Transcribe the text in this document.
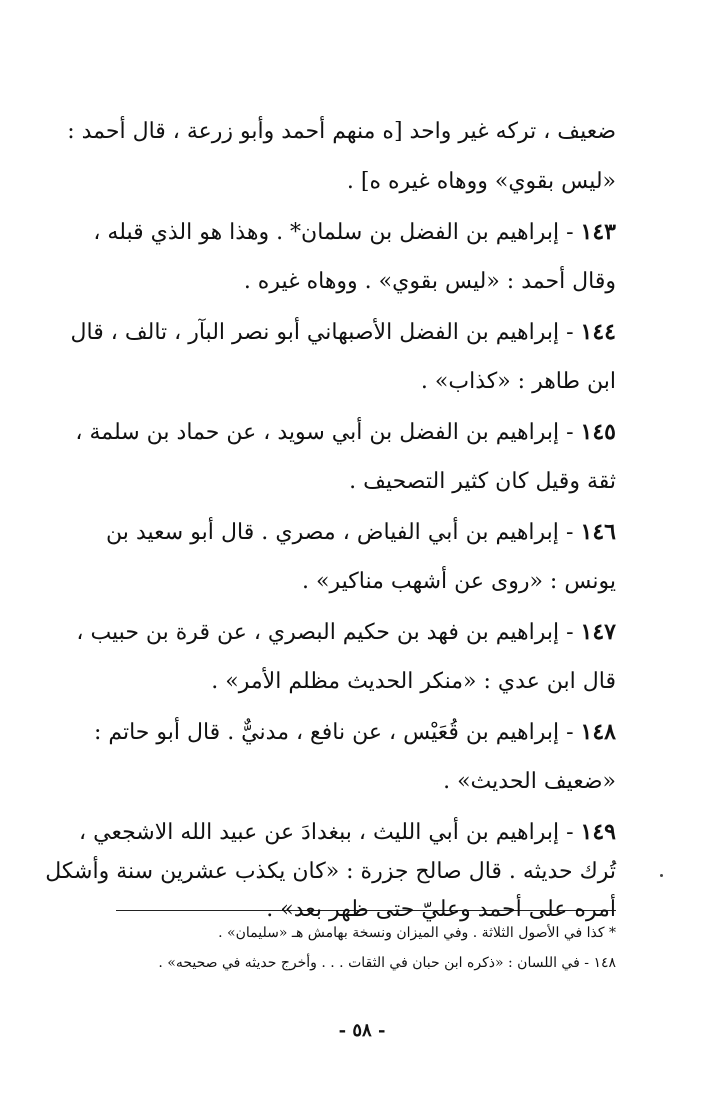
ضعيف ، تركه غير واحد [ه منهم أحمد وأبو زرعة ، قال أحمد :
«ليس بقوي» ووهاه غيره ه] .
١٤٣ - إبراهيم بن الفضل بن سلمان* . وهذا هو الذي قبله ،
وقال أحمد : «ليس بقوي» . ووهاه غيره .
١٤٤ - إبراهيم بن الفضل الأصبهاني أبو نصر البآر ، تالف ، قال
ابن طاهر : «كذاب» .
١٤٥ - إبراهيم بن الفضل بن أبي سويد ، عن حماد بن سلمة ،
ثقة وقيل كان كثير التصحيف .
١٤٦ - إبراهيم بن أبي الفياض ، مصري . قال أبو سعيد بن
يونس : «روى عن أشهب مناكير» .
١٤٧ - إبراهيم بن فهد بن حكيم البصري ، عن قرة بن حبيب ،
قال ابن عدي : «منكر الحديث مظلم الأمر» .
١٤٨ - إبراهيم بن قُعَيْس ، عن نافع ، مدنيٌّ . قال أبو حاتم :
«ضعيف الحديث» .
١٤٩ - إبراهيم بن أبي الليث ، ببغدادَ عن عبيد الله الاشجعي ،
تُرك حديثه . قال صالح جزرة : «كان يكذب عشرين سنة وأشكل
* كذا في الأصول الثلاثة . وفي الميزان ونسخة بهامش هـ «سليمان» .
١٤٨ - في اللسان : «ذكره ابن حبان في الثقات . . . وأخرج حديثه في صحيحه» .
- ٥٨ -
أمره على أحمد وعليّ حتى ظهر بعد» .
